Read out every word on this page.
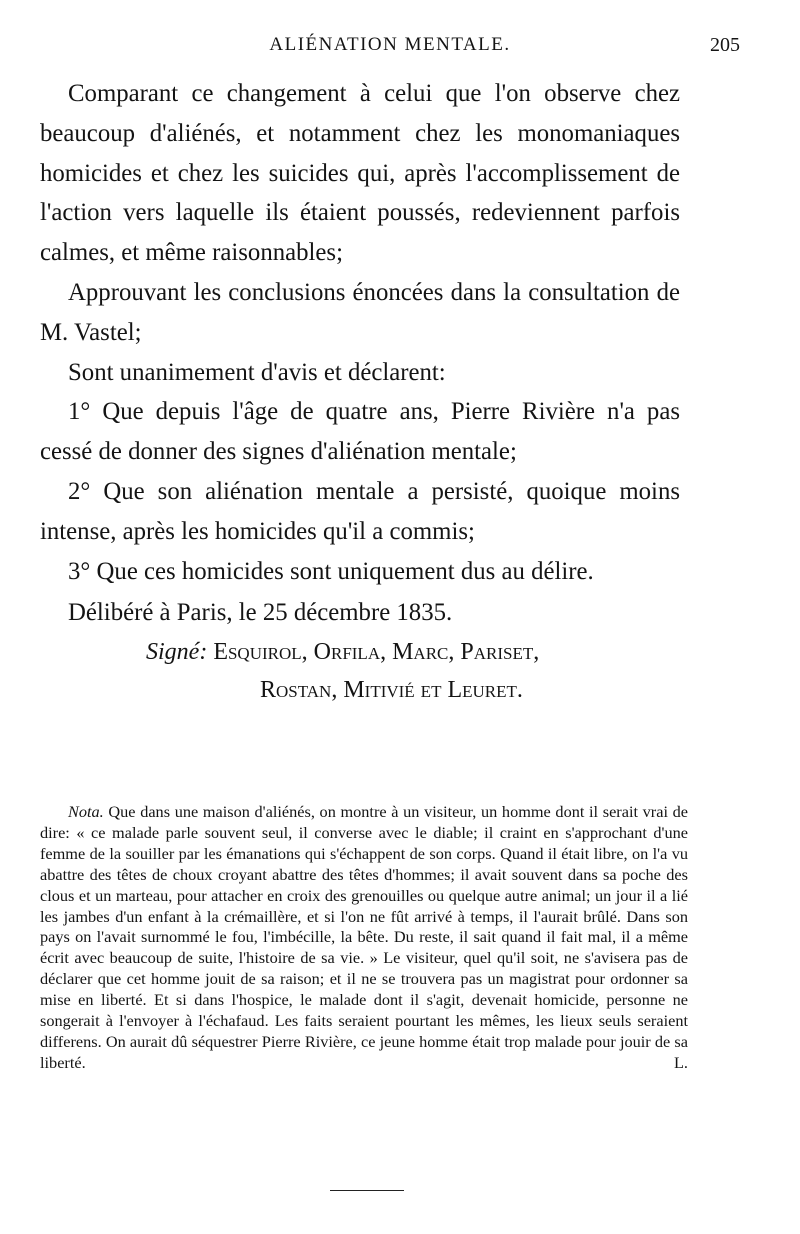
ALIÉNATION MENTALE.	205

Comparant ce changement à celui que l'on observe chez beaucoup d'aliénés, et notamment chez les monomaniaques homicides et chez les suicides qui, après l'accomplissement de l'action vers laquelle ils étaient poussés, redeviennent parfois calmes, et même raisonnables;

Approuvant les conclusions énoncées dans la consultation de M. Vastel;

Sont unanimement d'avis et déclarent:

1° Que depuis l'âge de quatre ans, Pierre Rivière n'a pas cessé de donner des signes d'aliénation mentale;

2° Que son aliénation mentale a persisté, quoique moins intense, après les homicides qu'il a commis;

3° Que ces homicides sont uniquement dus au délire.

Délibéré à Paris, le 25 décembre 1835.

Signé: Esquirol, Orfila, Marc, Pariset,

Rostan, Mitivié et Leuret.

Nota. Que dans une maison d'aliénés, on montre à un visiteur, un homme dont il serait vrai de dire: « ce malade parle souvent seul, il converse avec le diable; il craint en s'approchant d'une femme de la souiller par les émanations qui s'échappent de son corps. Quand il était libre, on l'a vu abattre des têtes de choux croyant abattre des têtes d'hommes; il avait souvent dans sa poche des clous et un marteau, pour attacher en croix des grenouilles ou quelque autre animal; un jour il a lié les jambes d'un enfant à la crémaillère, et si l'on ne fût arrivé à temps, il l'aurait brûlé. Dans son pays on l'avait surnommé le fou, l'imbécille, la bête. Du reste, il sait quand il fait mal, il a même écrit avec beaucoup de suite, l'histoire de sa vie. » Le visiteur, quel qu'il soit, ne s'avisera pas de déclarer que cet homme jouit de sa raison; et il ne se trouvera pas un magistrat pour ordonner sa mise en liberté. Et si dans l'hospice, le malade dont il s'agit, devenait homicide, personne ne songerait à l'envoyer à l'échafaud. Les faits seraient pourtant les mêmes, les lieux seuls seraient differens. On aurait dû séquestrer Pierre Rivière, ce jeune homme était trop malade pour jouir de sa liberté.	L.
